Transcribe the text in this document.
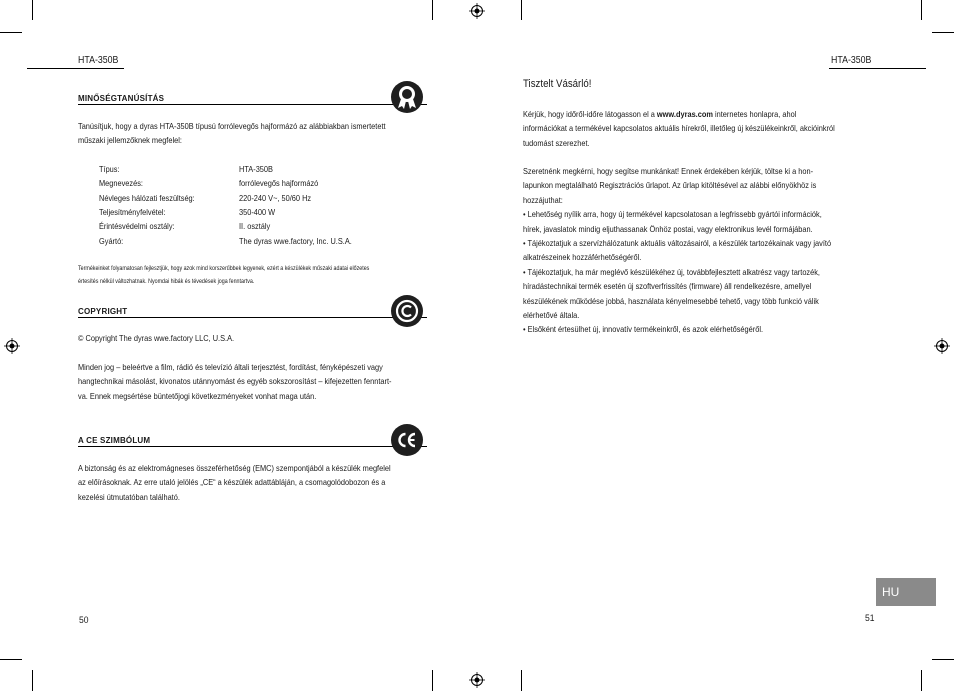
HTA-350B
MINŐSÉGTANÚSÍTÁS
Tanúsítjuk, hogy a dyras HTA-350B típusú forrólevegős hajformázó az alábbiakban ismertetett
műszaki jellemzőknek megfelel:
Típus:	HTA-350B
Megnevezés:	forrólevegős hajformázó
Névleges hálózati feszültség:	220-240 V~, 50/60 Hz
Teljesítményfelvétel:	350-400 W
Érintésvédelmi osztály:	II. osztály
Gyártó:	The dyras wwe.factory, Inc. U.S.A.
Termékeinket folyamatosan fejlesztjük, hogy azok mind korszerűbbek legyenek, ezért a készülékek műszaki adatai előzetes
értesítés nélkül változhatnak. Nyomdai hibák és tévedések joga fenntartva.
COPYRIGHT
© Copyright The dyras wwe.factory LLC, U.S.A.
Minden jog – beleértve a film, rádió és televízió általi terjesztést, fordítást, fényképészeti vagy
hangtechnikai másolást, kivonatos utánnyomást és egyéb sokszorosítást – kifejezetten fenntart-
va. Ennek megsértése büntetőjogi következményeket vonhat maga után.
A CE SZIMBÓLUM
A biztonság és az elektromágneses összeférhetőség (EMC) szempontjából a készülék megfelel
az előírásoknak. Az erre utaló jelölés „CE“ a készülék adattábláján, a csomagolódobozon és a
kezelési útmutatóban található.
50
HTA-350B
Tisztelt Vásárló!
Kérjük, hogy időről-időre látogasson el a www.dyras.com internetes honlapra, ahol
információkat a termékével kapcsolatos aktuális hírekről, illetőleg új készülékeinkről, akcióinkról
tudomást szerezhet.
Szeretnénk megkérni, hogy segítse munkánkat! Ennek érdekében kérjük, töltse ki a hon-
lapunkon megtalálható Regisztrációs űrlapot. Az űrlap kitöltésével az alábbi előnyökhöz is
hozzájuthat:
• Lehetőség nyílik arra, hogy új termékével kapcsolatosan a legfrissebb gyártói információk,
hírek, javaslatok mindig eljuthassanak Önhöz postai, vagy elektronikus levél formájában.
• Tájékoztatjuk a szervízhálózatunk aktuális változásairól, a készülék tartozékainak vagy javító
alkatrészeinek hozzáférhetőségéről.
• Tájékoztatjuk, ha már meglévő készülékéhez új, továbbfejlesztett alkatrész vagy tartozék,
híradástechnikai termék esetén új szoftverfrissítés (firmware) áll rendelkezésre, amellyel
készülékének működése jobbá, használata kényelmesebbé tehető, vagy több funkció válik
elérhetővé általa.
• Elsőként értesülhet új, innovatív termékeinkről, és azok elérhetőségéről.
HU
51
